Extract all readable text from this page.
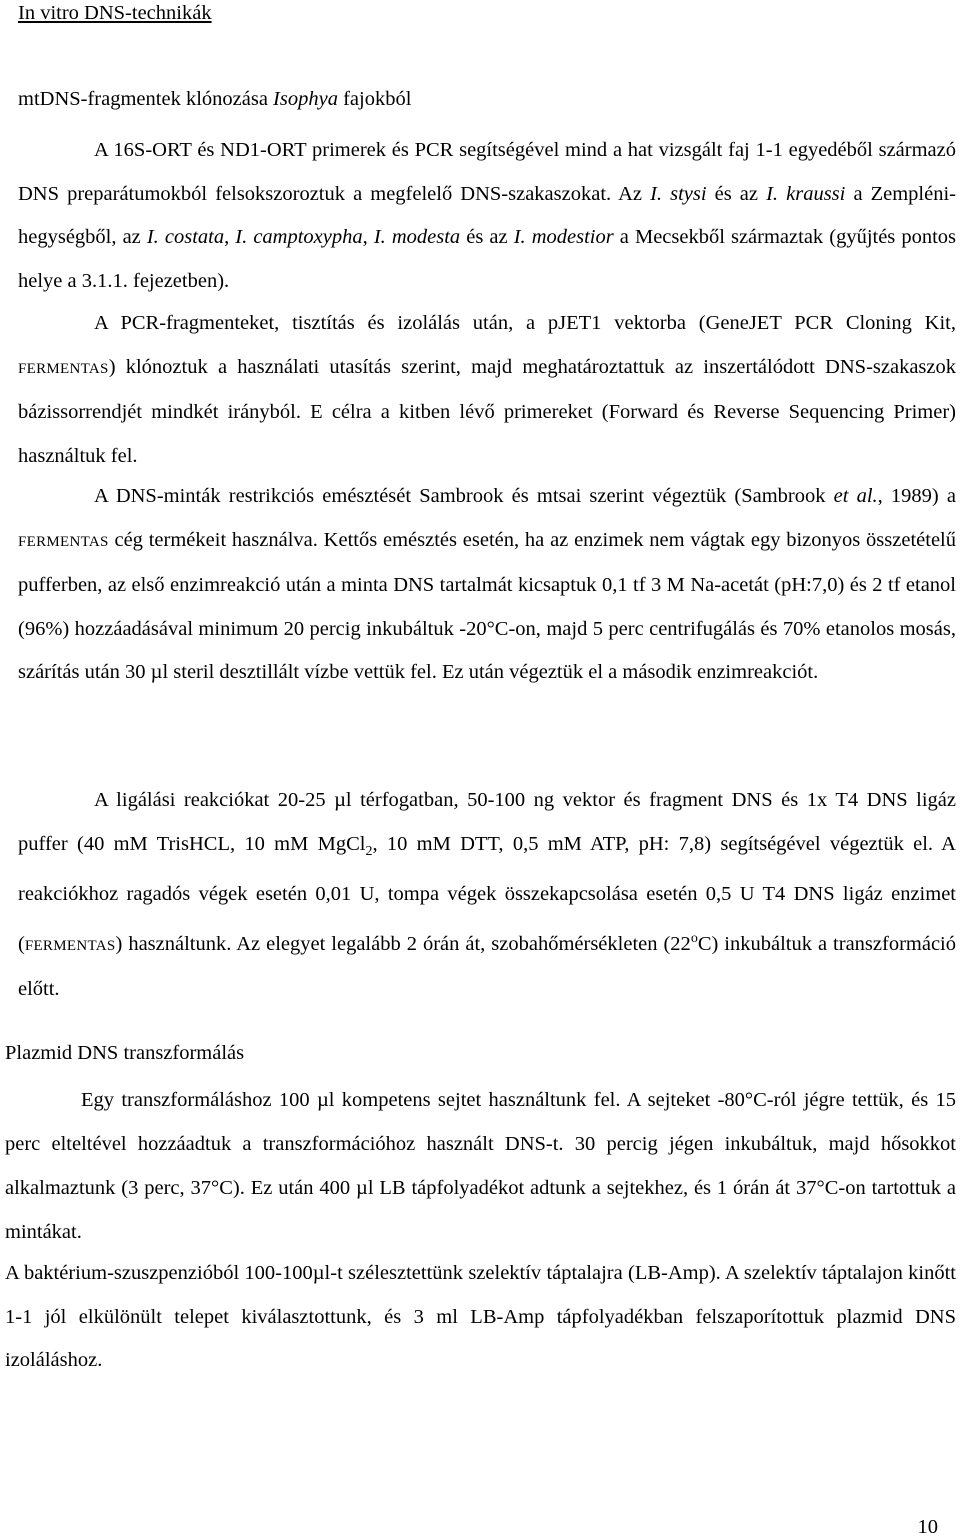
In vitro DNS-technikák
mtDNS-fragmentek klónozása Isophya fajokból

A 16S-ORT és ND1-ORT primerek és PCR segítségével mind a hat vizsgált faj 1-1 egyedéből származó DNS preparátumokból felsokszoroztuk a megfelelő DNS-szakaszokat. Az I. stysi és az I. kraussi a Zempléni-hegységből, az I. costata, I. camptoxypha, I. modesta és az I. modestior a Mecsekből származtak (gyűjtés pontos helye a 3.1.1. fejezetben).

A PCR-fragmenteket, tisztítás és izolálás után, a pJET1 vektorba (GeneJET PCR Cloning Kit, FERMENTAS) klónoztuk a használati utasítás szerint, majd meghatároztattuk az inszertálódott DNS-szakaszok bázissorrendjét mindkét irányból. E célra a kitben lévő primereket (Forward és Reverse Sequencing Primer) használtuk fel.

A DNS-minták restrikciós emésztését Sambrook és mtsai szerint végeztük (Sambrook et al., 1989) a FERMENTAS cég termékeit használva. Kettős emésztés esetén, ha az enzimek nem vágtak egy bizonyos összetételű pufferben, az első enzimreakció után a minta DNS tartalmát kicsaptuk 0,1 tf 3 M Na-acetát (pH:7,0) és 2 tf etanol (96%) hozzáadásával minimum 20 percig inkubáltuk -20°C-on, majd 5 perc centrifugálás és 70% etanolos mosás, szárítás után 30 µl steril desztillált vízbe vettük fel. Ez után végeztük el a második enzimreakciót.

A ligálási reakciókat 20-25 µl térfogatban, 50-100 ng vektor és fragment DNS és 1x T4 DNS ligáz puffer (40 mM TrisHCL, 10 mM MgCl$_2$, 10 mM DTT, 0,5 mM ATP, pH: 7,8) segítségével végeztük el. A reakciókhoz ragadós végek esetén 0,01 U, tompa végek összekapcsolása esetén 0,5 U T4 DNS ligáz enzimet (FERMENTAS) használtunk. Az elegyet legalább 2 órán át, szobahőmérsékleten (22$^o$C) inkubáltuk a transzformáció előtt.

Plazmid DNS transzformálás

Egy transzformáláshoz 100 µl kompetens sejtet használtunk fel. A sejteket -80°C-ról jégre tettük, és 15 perc elteltével hozzáadtuk a transzformációhoz használt DNS-t. 30 percig jégen inkubáltuk, majd hősokkot alkalmaztunk (3 perc, 37°C). Ez után 400 µl LB tápfolyadékot adtunk a sejtekhez, és 1 órán át 37°C-on tartottuk a mintákat.

A baktérium-szuszpenzióból 100-100µl-t szélesztettünk szelektív táptalajra (LB-Amp). A szelektív táptalajon kinőtt 1-1 jól elkülönült telepet kiválasztottunk, és 3 ml LB-Amp tápfolyadékban felszaporítottuk plazmid DNS izoláláshoz.

10
